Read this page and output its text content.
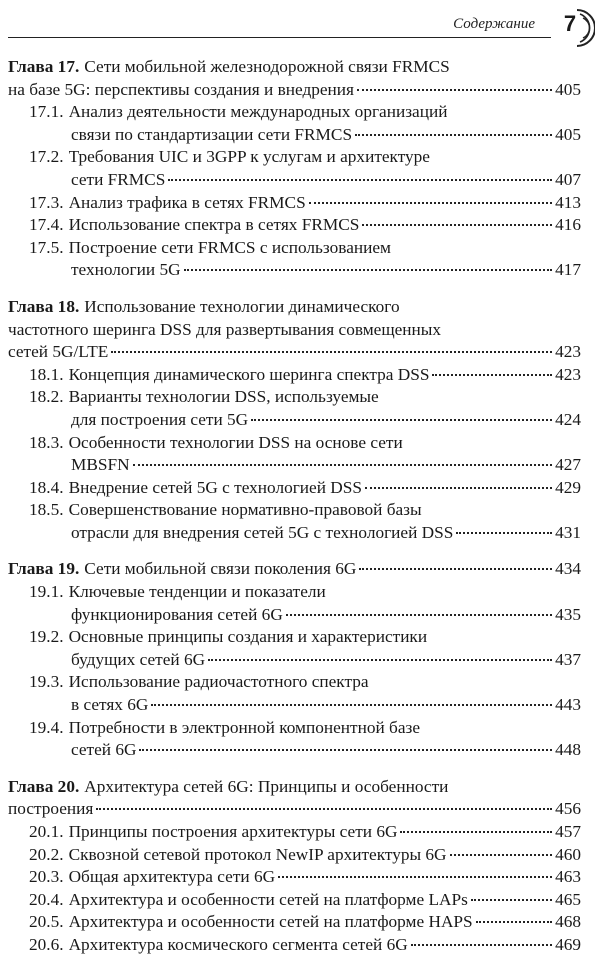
Содержание	7
Глава 17. Сети мобильной железнодорожной связи FRMCS
на базе 5G: перспективы создания и внедрения	405
17.1. Анализ деятельности международных организаций
связи по стандартизации сети FRMCS	405
17.2. Требования UIC и 3GPP к услугам и архитектуре
сети FRMCS	407
17.3. Анализ трафика в сетях FRMCS	413
17.4. Использование спектра в сетях FRMCS	416
17.5. Построение сети FRMCS с использованием
технологии 5G	417
Глава 18. Использование технологии динамического
частотного шеринга DSS для развертывания совмещенных
сетей 5G/LTE	423
18.1. Концепция динамического шеринга спектра DSS	423
18.2. Варианты технологии DSS, используемые
для построения сети 5G	424
18.3. Особенности технологии DSS на основе сети
MBSFN	427
18.4. Внедрение сетей 5G с технологией DSS	429
18.5. Совершенствование нормативно-правовой базы
отрасли для внедрения сетей 5G с технологией DSS	431
Глава 19. Сети мобильной связи поколения 6G	434
19.1. Ключевые тенденции и показатели
функционирования сетей 6G	435
19.2. Основные принципы создания и характеристики
будущих сетей 6G	437
19.3. Использование радиочастотного спектра
в сетях 6G	443
19.4. Потребности в электронной компонентной базе
сетей 6G	448
Глава 20. Архитектура сетей 6G: Принципы и особенности
построения	456
20.1. Принципы построения архитектуры сети 6G	457
20.2. Сквозной сетевой протокол NewIP архитектуры 6G	460
20.3. Общая архитектура сети 6G	463
20.4. Архитектура и особенности сетей на платформе LAPs	465
20.5. Архитектура и особенности сетей на платформе HAPS	468
20.6. Архитектура космического сегмента сетей 6G	469
